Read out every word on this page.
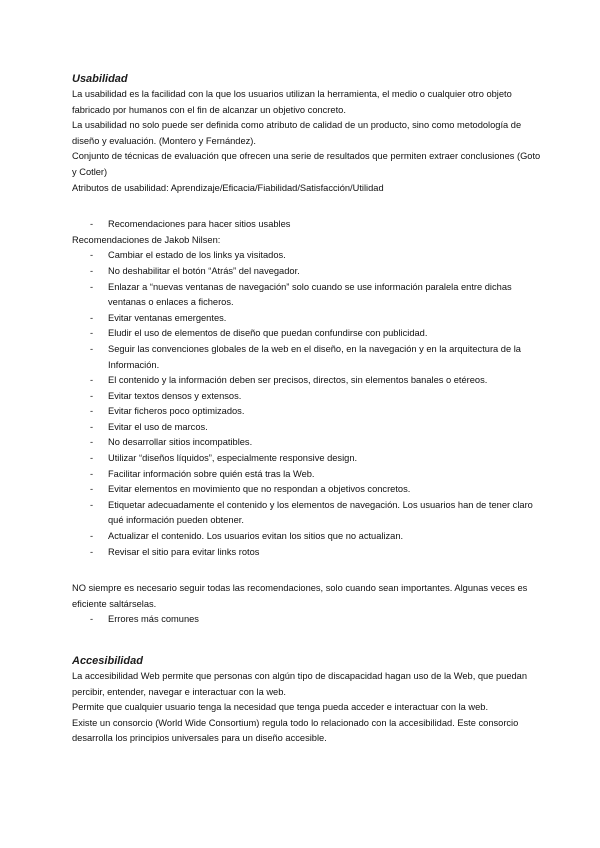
Usabilidad
La usabilidad es la facilidad con la que los usuarios utilizan la herramienta, el medio o cualquier otro objeto fabricado por humanos con el fin de alcanzar un objetivo concreto.
La usabilidad no solo puede ser definida como atributo de calidad de un producto, sino como metodología de diseño y evaluación. (Montero y Fernández).
Conjunto de técnicas de evaluación que ofrecen una serie de resultados que permiten extraer conclusiones (Goto y Cotler)
Atributos de usabilidad: Aprendizaje/Eficacia/Fiabilidad/Satisfacción/Utilidad
- Recomendaciones para hacer sitios usables
Recomendaciones de Jakob Nilsen:
- Cambiar el estado de los links ya visitados.
- No deshabilitar el botón “Atrás” del navegador.
- Enlazar a “nuevas ventanas de navegación” solo cuando se use información paralela entre dichas ventanas o enlaces a ficheros.
- Evitar ventanas emergentes.
- Eludir el uso de elementos de diseño que puedan confundirse con publicidad.
- Seguir las convenciones globales de la web en el diseño, en la navegación y en la arquitectura de la Información.
- El contenido y la información deben ser precisos, directos, sin elementos banales o etéreos.
- Evitar textos densos y extensos.
- Evitar ficheros poco optimizados.
- Evitar el uso de marcos.
- No desarrollar sitios incompatibles.
- Utilizar “diseños líquidos”, especialmente responsive design.
- Facilitar información sobre quién está tras la Web.
- Evitar elementos en movimiento que no respondan a objetivos concretos.
- Etiquetar adecuadamente el contenido y los elementos de navegación. Los usuarios han de tener claro qué información pueden obtener.
- Actualizar el contenido. Los usuarios evitan los sitios que no actualizan.
- Revisar el sitio para evitar links rotos
NO siempre es necesario seguir todas las recomendaciones, solo cuando sean importantes. Algunas veces es eficiente saltárselas.
- Errores más comunes
Accesibilidad
La accesibilidad Web permite que personas con algún tipo de discapacidad hagan uso de la Web, que puedan percibir, entender, navegar e interactuar con la web.
Permite que cualquier usuario tenga la necesidad que tenga pueda acceder e interactuar con la web.
Existe un consorcio (World Wide Consortium) regula todo lo relacionado con la accesibilidad. Este consorcio desarrolla los principios universales para un diseño accesible.
